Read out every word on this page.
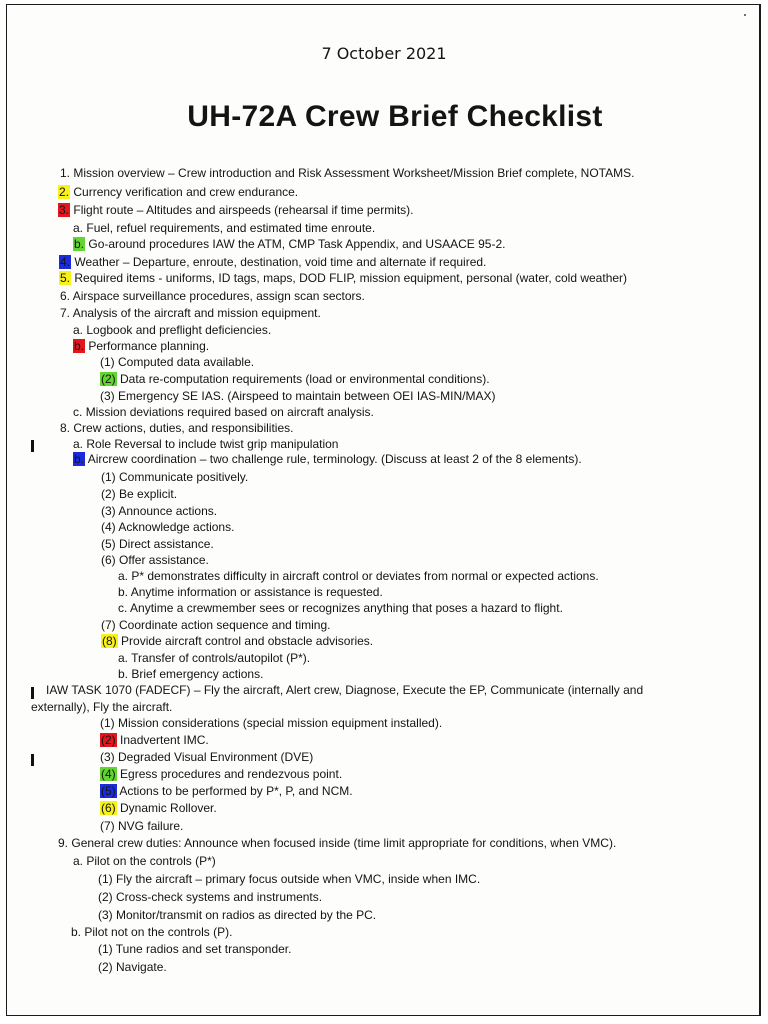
7 October 2021
UH-72A Crew Brief Checklist
1. Mission overview – Crew introduction and Risk Assessment Worksheet/Mission Brief complete, NOTAMS.
2. Currency verification and crew endurance.
3. Flight route – Altitudes and airspeeds (rehearsal if time permits).
a. Fuel, refuel requirements, and estimated time enroute.
b. Go-around procedures IAW the ATM, CMP Task Appendix, and USAACE 95-2.
4. Weather – Departure, enroute, destination, void time and alternate if required.
5. Required items - uniforms, ID tags, maps, DOD FLIP, mission equipment, personal (water, cold weather)
6. Airspace surveillance procedures, assign scan sectors.
7. Analysis of the aircraft and mission equipment.
a. Logbook and preflight deficiencies.
b. Performance planning.
(1) Computed data available.
(2) Data re-computation requirements (load or environmental conditions).
(3) Emergency SE IAS. (Airspeed to maintain between OEI IAS-MIN/MAX)
c. Mission deviations required based on aircraft analysis.
8. Crew actions, duties, and responsibilities.
a. Role Reversal to include twist grip manipulation
b. Aircrew coordination – two challenge rule, terminology. (Discuss at least 2 of the 8 elements).
(1) Communicate positively.
(2) Be explicit.
(3) Announce actions.
(4) Acknowledge actions.
(5) Direct assistance.
(6) Offer assistance.
a. P* demonstrates difficulty in aircraft control or deviates from normal or expected actions.
b. Anytime information or assistance is requested.
c. Anytime a crewmember sees or recognizes anything that poses a hazard to flight.
(7) Coordinate action sequence and timing.
(8) Provide aircraft control and obstacle advisories.
a. Transfer of controls/autopilot (P*).
b. Brief emergency actions.
IAW TASK 1070 (FADECF) – Fly the aircraft, Alert crew, Diagnose, Execute the EP, Communicate (internally and
externally), Fly the aircraft.
(1) Mission considerations (special mission equipment installed).
(2) Inadvertent IMC.
(3) Degraded Visual Environment (DVE)
(4) Egress procedures and rendezvous point.
(5) Actions to be performed by P*, P, and NCM.
(6) Dynamic Rollover.
(7) NVG failure.
9. General crew duties: Announce when focused inside (time limit appropriate for conditions, when VMC).
a. Pilot on the controls (P*)
(1) Fly the aircraft – primary focus outside when VMC, inside when IMC.
(2) Cross-check systems and instruments.
(3) Monitor/transmit on radios as directed by the PC.
b. Pilot not on the controls (P).
(1) Tune radios and set transponder.
(2) Navigate.
